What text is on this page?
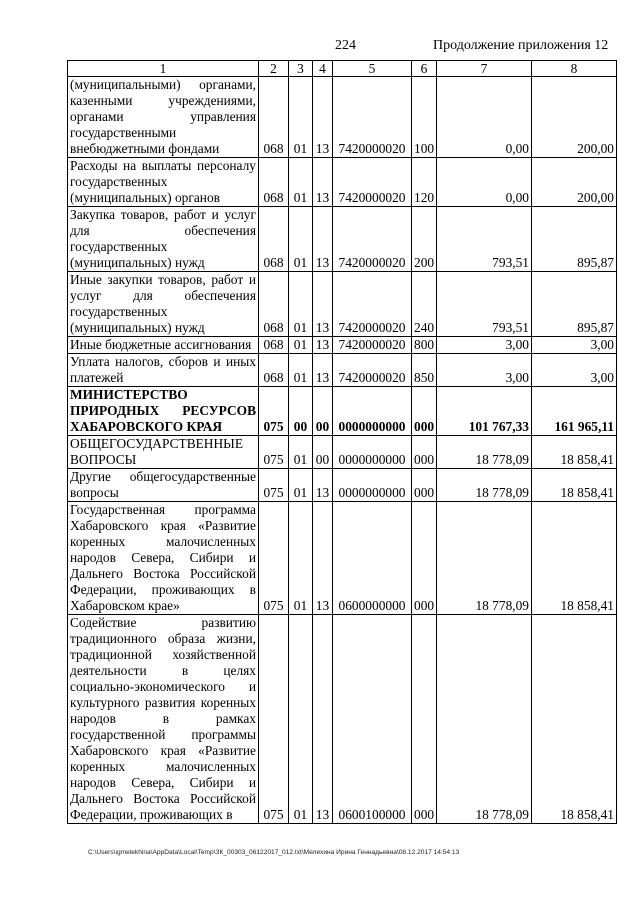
224	Продолжение приложения 12
1	2	3	4	5	6	7	8
(муниципальными) органами, казенными учреждениями, органами управления государственными внебюджетными фондами	068	01	13	7420000020	100	0,00	200,00
Расходы на выплаты персоналу государственных (муниципальных) органов	068	01	13	7420000020	120	0,00	200,00
Закупка товаров, работ и услуг для обеспечения государственных (муниципальных) нужд	068	01	13	7420000020	200	793,51	895,87
Иные закупки товаров, работ и услуг для обеспечения государственных (муниципальных) нужд	068	01	13	7420000020	240	793,51	895,87
Иные бюджетные ассигнования	068	01	13	7420000020	800	3,00	3,00
Уплата налогов, сборов и иных платежей	068	01	13	7420000020	850	3,00	3,00
МИНИСТЕРСТВО ПРИРОДНЫХ РЕСУРСОВ ХАБАРОВСКОГО КРАЯ	075	00	00	0000000000	000	101 767,33	161 965,11
ОБЩЕГОСУДАРСТВЕННЫЕ ВОПРОСЫ	075	01	00	0000000000	000	18 778,09	18 858,41
Другие общегосударственные вопросы	075	01	13	0000000000	000	18 778,09	18 858,41
Государственная программа Хабаровского края «Развитие коренных малочисленных народов Севера, Сибири и Дальнего Востока Российской Федерации, проживающих в Хабаровском крае»	075	01	13	0600000000	000	18 778,09	18 858,41
Содействие развитию традиционного образа жизни, традиционной хозяйственной деятельности в целях социально-экономического и культурного развития коренных народов в рамках государственной программы Хабаровского края «Развитие коренных малочисленных народов Севера, Сибири и Дальнего Востока Российской Федерации, проживающих в	075	01	13	0600100000	000	18 778,09	18 858,41
C:\Users\igmelekhina\AppData\Local\Temp\ЗК_00303_06122017_012.txt\Мелехина Ирина Геннадьевна\08.12.2017 14:54:13
